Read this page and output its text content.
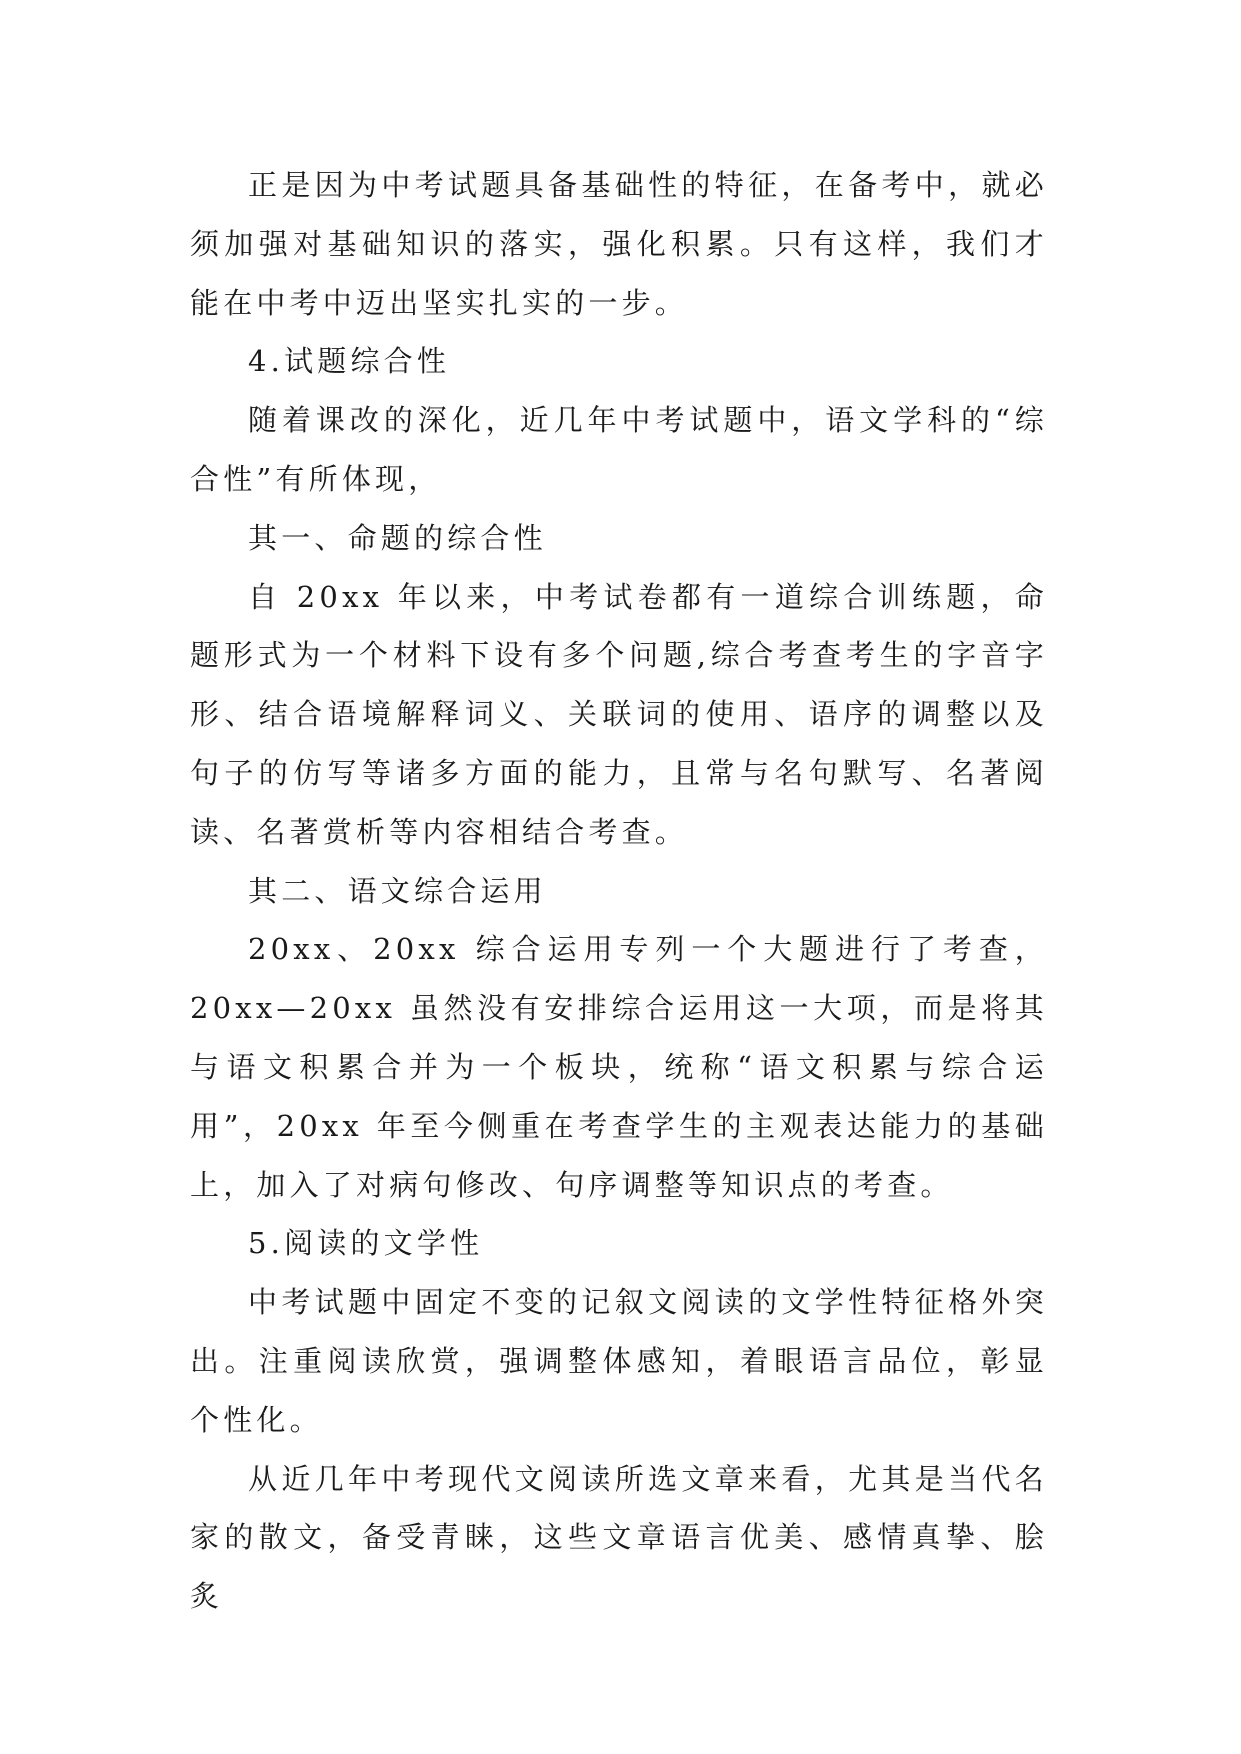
正是因为中考试题具备基础性的特征，在备考中，就必须加强对基础知识的落实，强化积累。只有这样，我们才能在中考中迈出坚实扎实的一步。

4.试题综合性

随着课改的深化，近几年中考试题中，语文学科的“综合性”有所体现，

其一、命题的综合性

自 20xx 年以来，中考试卷都有一道综合训练题，命题形式为一个材料下设有多个问题,综合考查考生的字音字形、结合语境解释词义、关联词的使用、语序的调整以及句子的仿写等诸多方面的能力，且常与名句默写、名著阅读、名著赏析等内容相结合考查。

其二、语文综合运用

20xx、20xx 综合运用专列一个大题进行了考查，20xx—20xx 虽然没有安排综合运用这一大项，而是将其与语文积累合并为一个板块，统称“语文积累与综合运用”，20xx 年至今侧重在考查学生的主观表达能力的基础上，加入了对病句修改、句序调整等知识点的考查。

5.阅读的文学性

中考试题中固定不变的记叙文阅读的文学性特征格外突出。注重阅读欣赏，强调整体感知，着眼语言品位，彰显个性化。

从近几年中考现代文阅读所选文章来看，尤其是当代名家的散文，备受青睐，这些文章语言优美、感情真挚、脍炙
